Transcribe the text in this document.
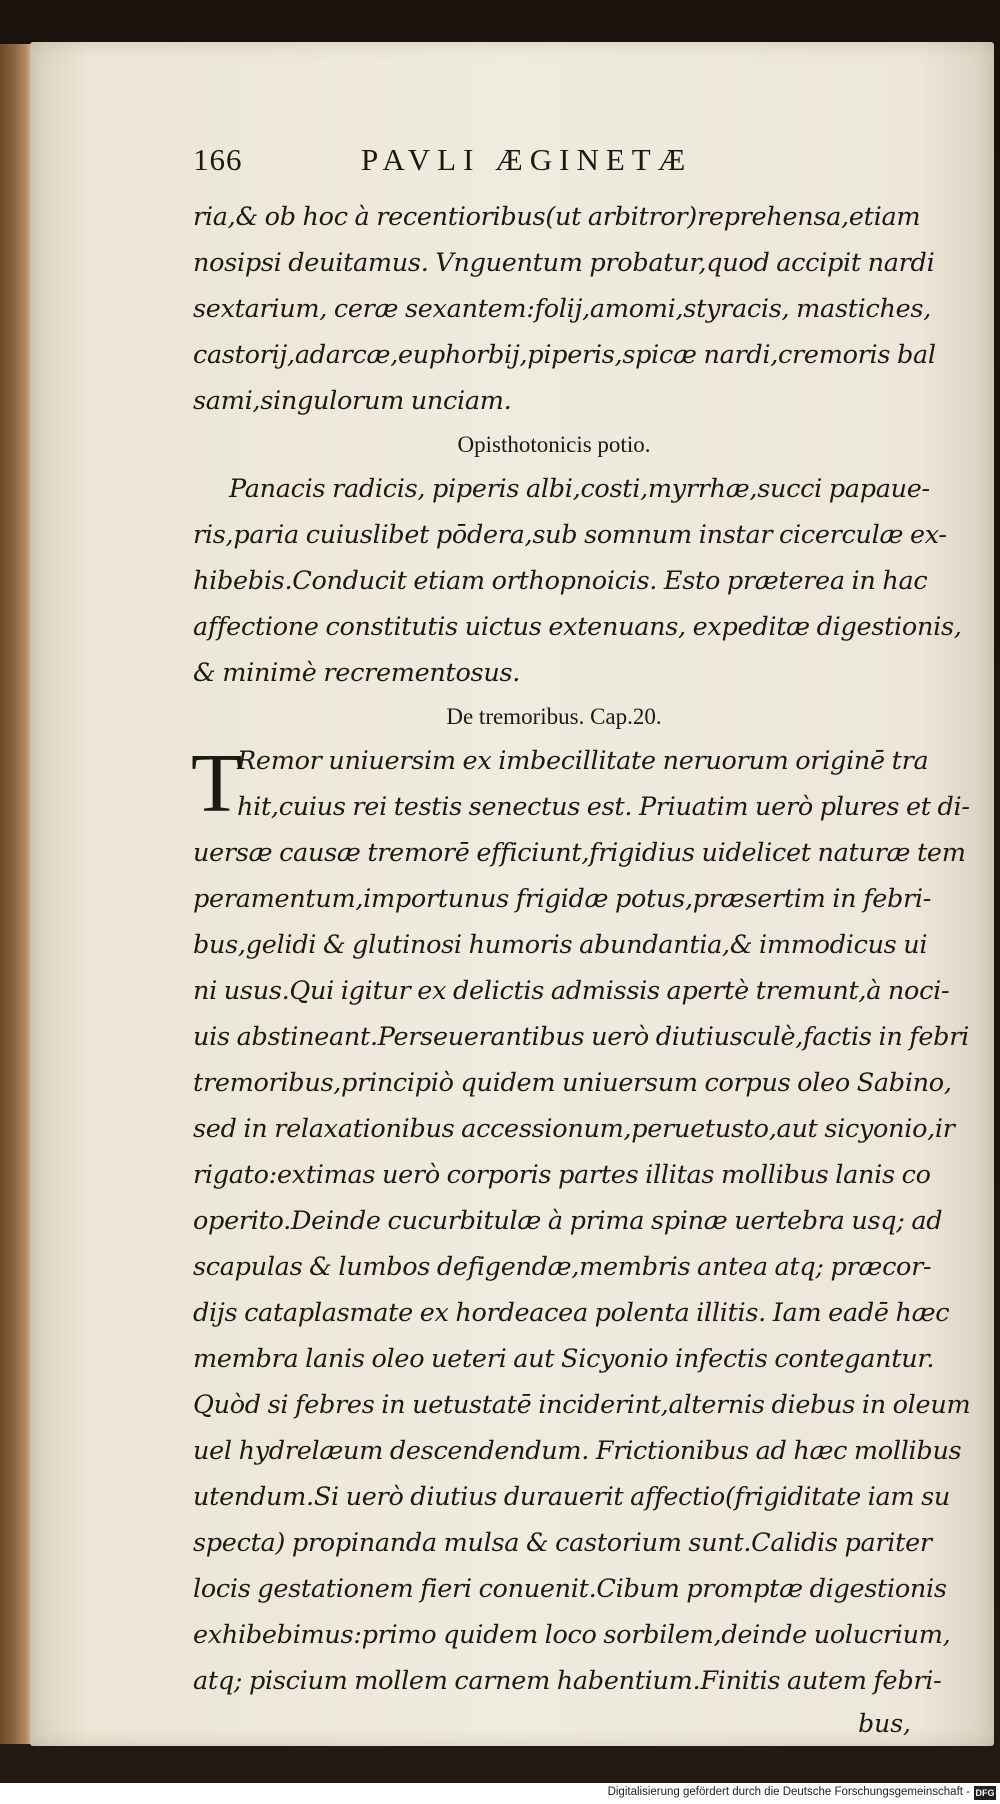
166	PAVLI ÆGINETÆ
ria,& ob hoc à recentioribus(ut arbitror)reprehensa,etiam
nosipsi deuitamus. Vnguentum probatur,quod accipit nardi
sextarium, ceræ sexantem:folij,amomi,styracis, mastiches,
castorij,adarcæ,euphorbij,piperis,spicæ nardi,cremoris bal
sami,singulorum unciam.
Opisthotonicis potio.
Panacis radicis, piperis albi,costi,myrrhæ,succi papaue-
ris,paria cuiuslibet pōdera,sub somnum instar cicerculæ ex-
hibebis.Conducit etiam orthopnoicis. Esto præterea in hac
affectione constitutis uictus extenuans, expeditæ digestionis,
& minimè recrementosus.
De tremoribus. Cap.20.
T
Remor uniuersim ex imbecillitate neruorum originē tra
hit,cuius rei testis senectus est. Priuatim uerò plures et di-
uersæ causæ tremorē efficiunt,frigidius uidelicet naturæ tem
peramentum,importunus frigidæ potus,præsertim in febri-
bus,gelidi & glutinosi humoris abundantia,& immodicus ui
ni usus.Qui igitur ex delictis admissis apertè tremunt,à noci-
uis abstineant.Perseuerantibus uerò diutiusculè,factis in febri
tremoribus,principiò quidem uniuersum corpus oleo Sabino,
sed in relaxationibus accessionum,peruetusto,aut sicyonio,ir
rigato:extimas uerò corporis partes illitas mollibus lanis co
operito.Deinde cucurbitulæ à prima spinæ uertebra usq; ad
scapulas & lumbos defigendæ,membris antea atq; præcor-
dijs cataplasmate ex hordeacea polenta illitis. Iam eadē hæc
membra lanis oleo ueteri aut Sicyonio infectis contegantur.
Quòd si febres in uetustatē inciderint,alternis diebus in oleum
uel hydrelæum descendendum. Frictionibus ad hæc mollibus
utendum.Si uerò diutius durauerit affectio(frigiditate iam su
specta) propinanda mulsa & castorium sunt.Calidis pariter
locis gestationem fieri conuenit.Cibum promptæ digestionis
exhibebimus:primo quidem loco sorbilem,deinde uolucrium,
atq; piscium mollem carnem habentium.Finitis autem febri-
bus,
Digitalisierung gefördert durch die Deutsche Forschungsgemeinschaft - DFG
